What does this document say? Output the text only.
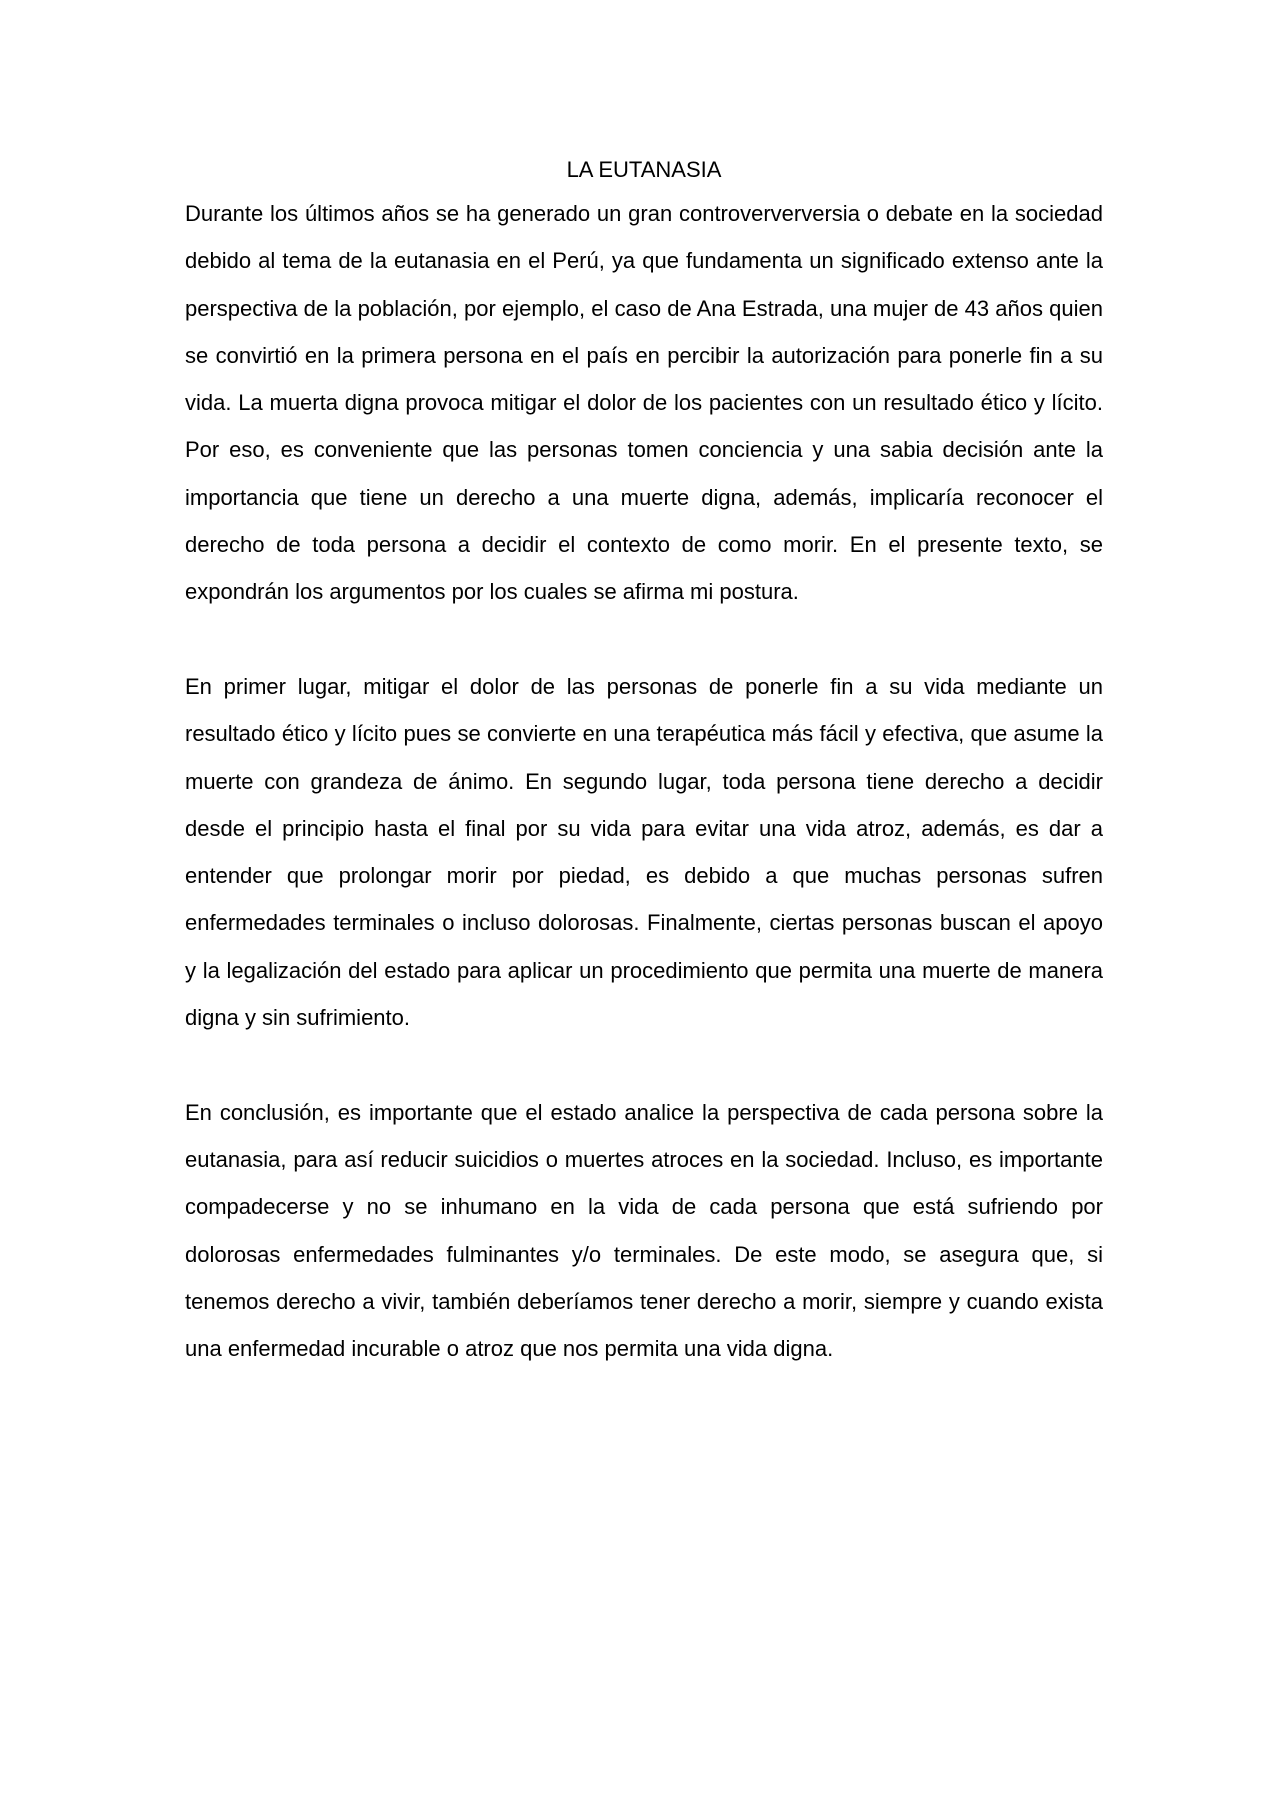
LA EUTANASIA

Durante los últimos años se ha generado un gran controververversia o debate en la sociedad debido al tema de la eutanasia en el Perú, ya que fundamenta un significado extenso ante la perspectiva de la población, por ejemplo, el caso de Ana Estrada, una mujer de 43 años quien se convirtió en la primera persona en el país en percibir la autorización para ponerle fin a su vida. La muerta digna provoca mitigar el dolor de los pacientes con un resultado ético y lícito. Por eso, es conveniente que las personas tomen conciencia y una sabia decisión ante la importancia que tiene un derecho a una muerte digna, además, implicaría reconocer el derecho de toda persona a decidir el contexto de como morir. En el presente texto, se expondrán los argumentos por los cuales se afirma mi postura.

En primer lugar, mitigar el dolor de las personas de ponerle fin a su vida mediante un resultado ético y lícito pues se convierte en una terapéutica más fácil y efectiva, que asume la muerte con grandeza de ánimo. En segundo lugar, toda persona tiene derecho a decidir desde el principio hasta el final por su vida para evitar una vida atroz, además, es dar a entender que prolongar morir por piedad, es debido a que muchas personas sufren enfermedades terminales o incluso dolorosas. Finalmente, ciertas personas buscan el apoyo y la legalización del estado para aplicar un procedimiento que permita una muerte de manera digna y sin sufrimiento.

En conclusión, es importante que el estado analice la perspectiva de cada persona sobre la eutanasia, para así reducir suicidios o muertes atroces en la sociedad. Incluso, es importante compadecerse y no se inhumano en la vida de cada persona que está sufriendo por dolorosas enfermedades fulminantes y/o terminales. De este modo, se asegura que, si tenemos derecho a vivir, también deberíamos tener derecho a morir, siempre y cuando exista una enfermedad incurable o atroz que nos permita una vida digna.
